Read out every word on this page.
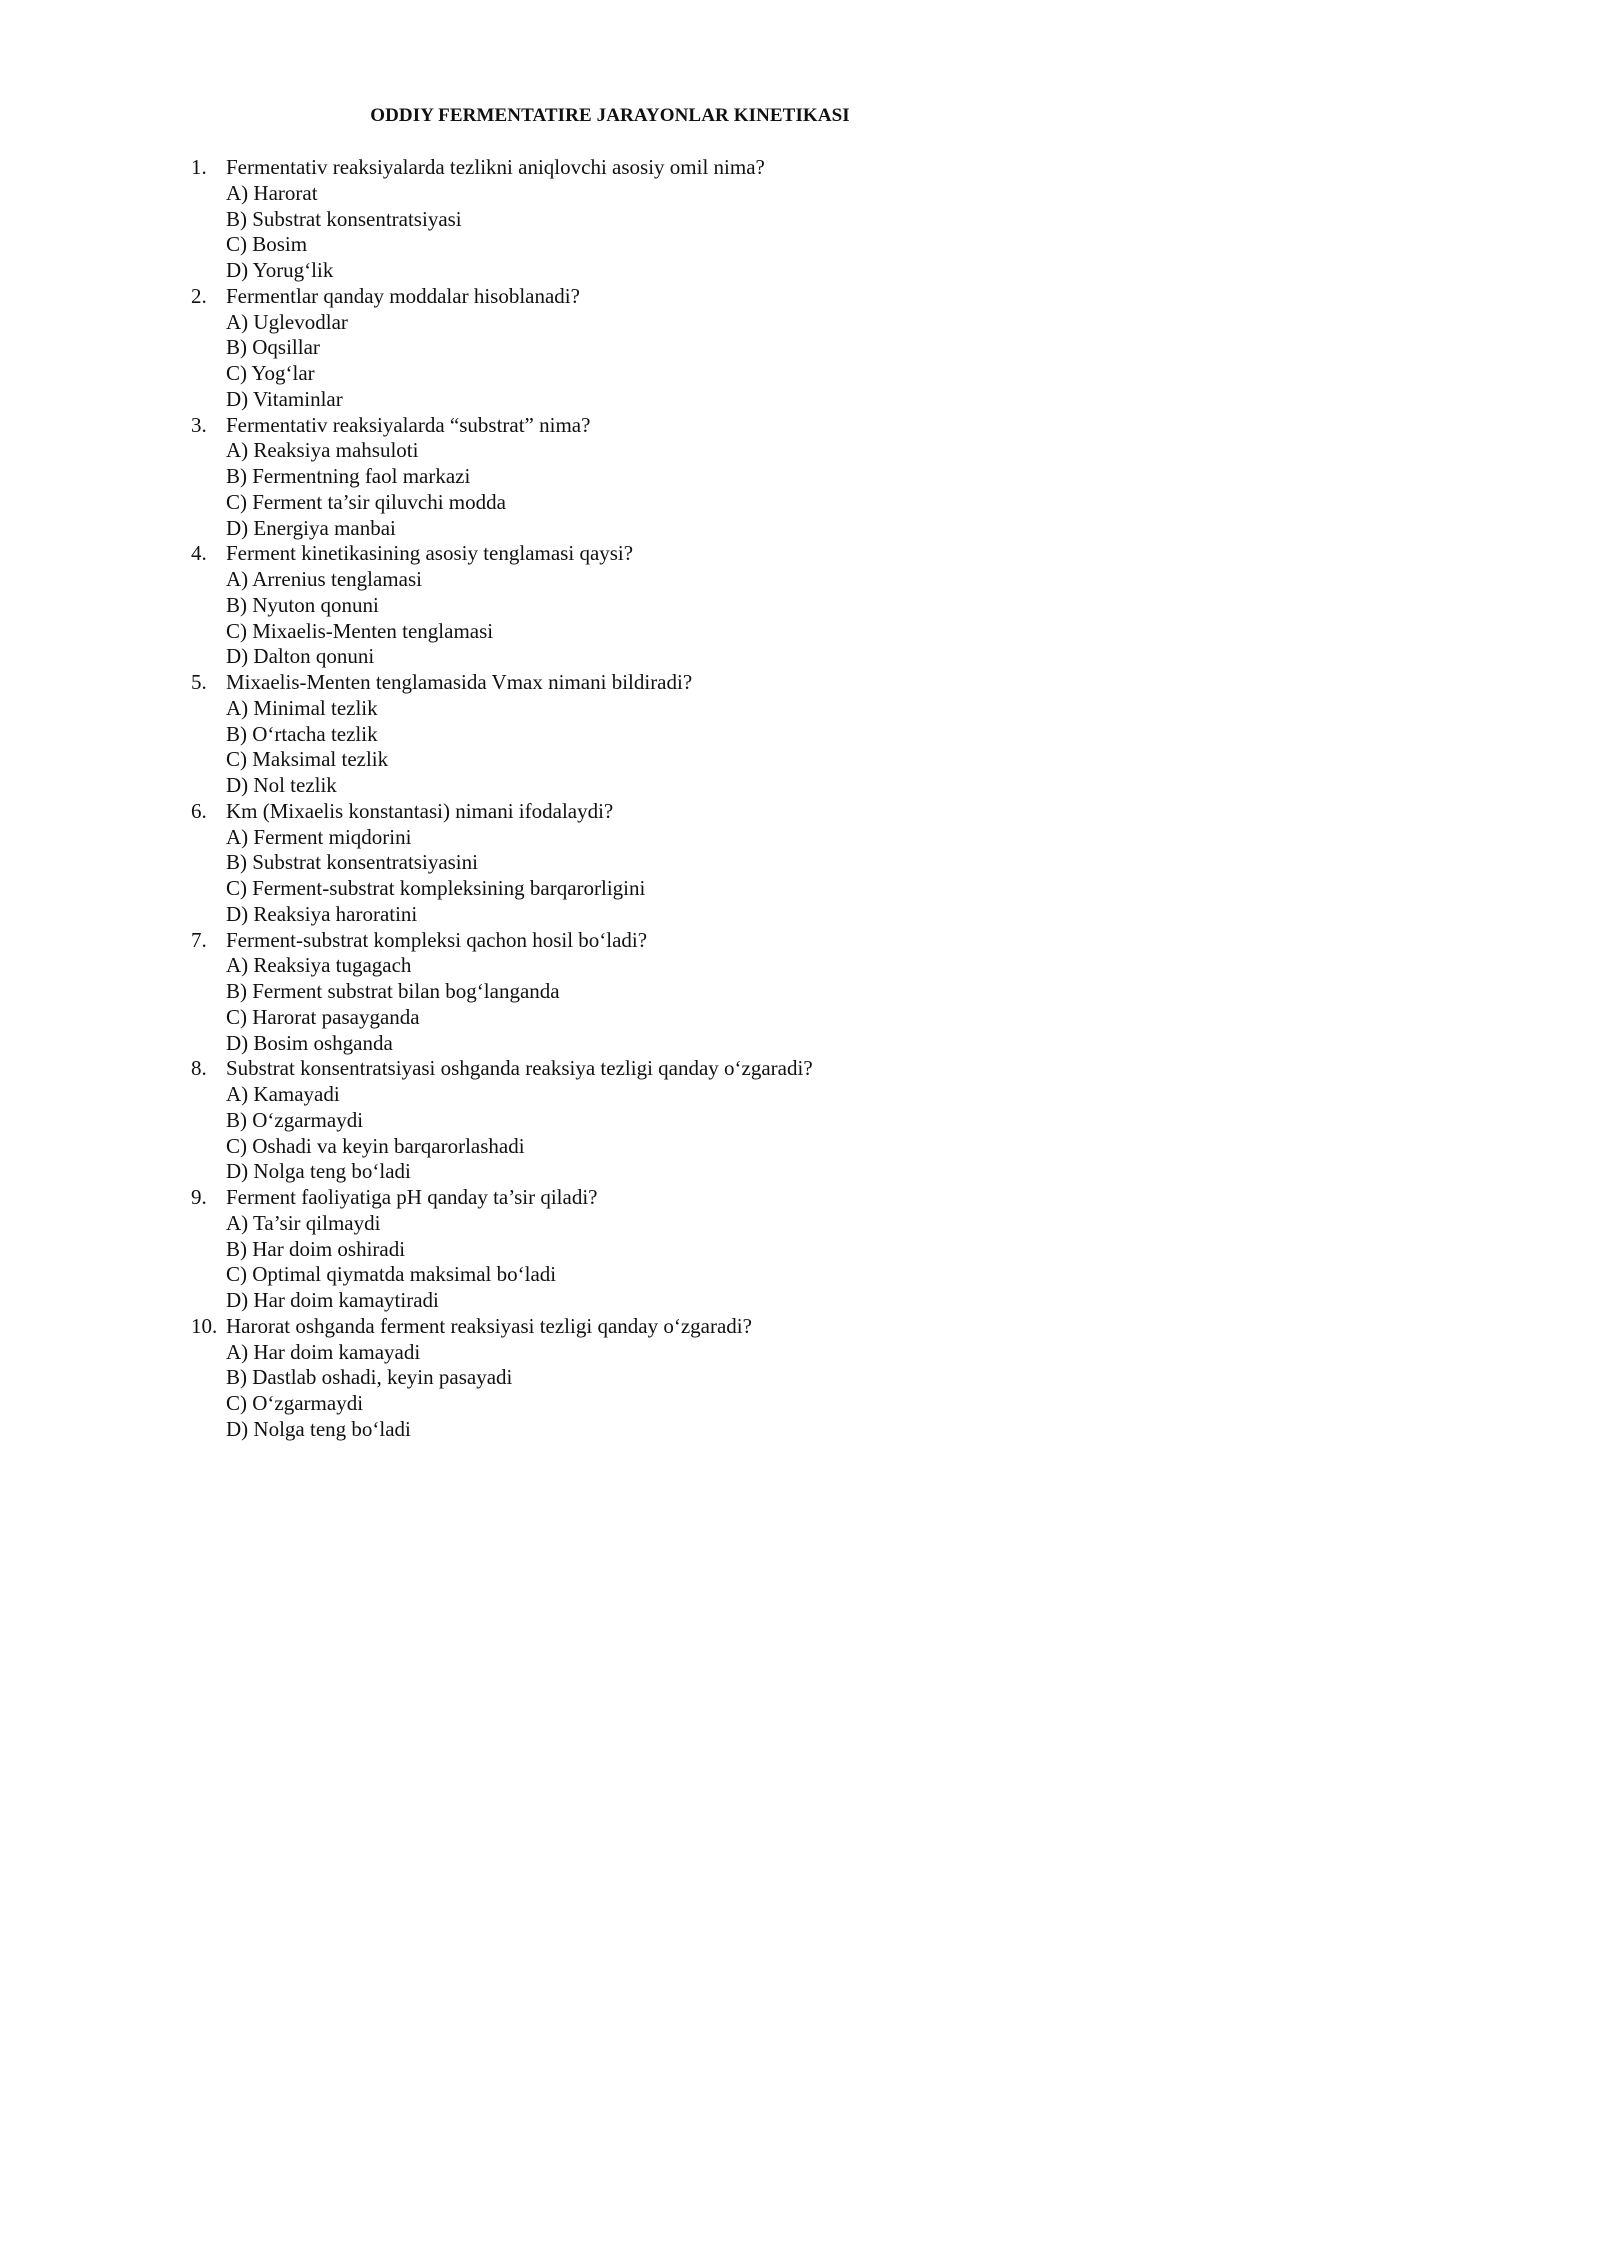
ODDIY FERMENTATIRE JARAYONLAR KINETIKASI
1. Fermentativ reaksiyalarda tezlikni aniqlovchi asosiy omil nima?
A) Harorat
B) Substrat konsentratsiyasi
C) Bosim
D) Yorug‘lik
2. Fermentlar qanday moddalar hisoblanadi?
A) Uglevodlar
B) Oqsillar
C) Yog‘lar
D) Vitaminlar
3. Fermentativ reaksiyalarda “substrat” nima?
A) Reaksiya mahsuloti
B) Fermentning faol markazi
C) Ferment ta’sir qiluvchi modda
D) Energiya manbai
4. Ferment kinetikasining asosiy tenglamasi qaysi?
A) Arrenius tenglamasi
B) Nyuton qonuni
C) Mixaelis-Menten tenglamasi
D) Dalton qonuni
5. Mixaelis-Menten tenglamasida Vmax nimani bildiradi?
A) Minimal tezlik
B) O‘rtacha tezlik
C) Maksimal tezlik
D) Nol tezlik
6. Km (Mixaelis konstantasi) nimani ifodalaydi?
A) Ferment miqdorini
B) Substrat konsentratsiyasini
C) Ferment-substrat kompleksining barqarorligini
D) Reaksiya haroratini
7. Ferment-substrat kompleksi qachon hosil bo‘ladi?
A) Reaksiya tugagach
B) Ferment substrat bilan bog‘langanda
C) Harorat pasayganda
D) Bosim oshganda
8. Substrat konsentratsiyasi oshganda reaksiya tezligi qanday o‘zgaradi?
A) Kamayadi
B) O‘zgarmaydi
C) Oshadi va keyin barqarorlashadi
D) Nolga teng bo‘ladi
9. Ferment faoliyatiga pH qanday ta’sir qiladi?
A) Ta’sir qilmaydi
B) Har doim oshiradi
C) Optimal qiymatda maksimal bo‘ladi
D) Har doim kamaytiradi
10. Harorat oshganda ferment reaksiyasi tezligi qanday o‘zgaradi?
A) Har doim kamayadi
B) Dastlab oshadi, keyin pasayadi
C) O‘zgarmaydi
D) Nolga teng bo‘ladi
